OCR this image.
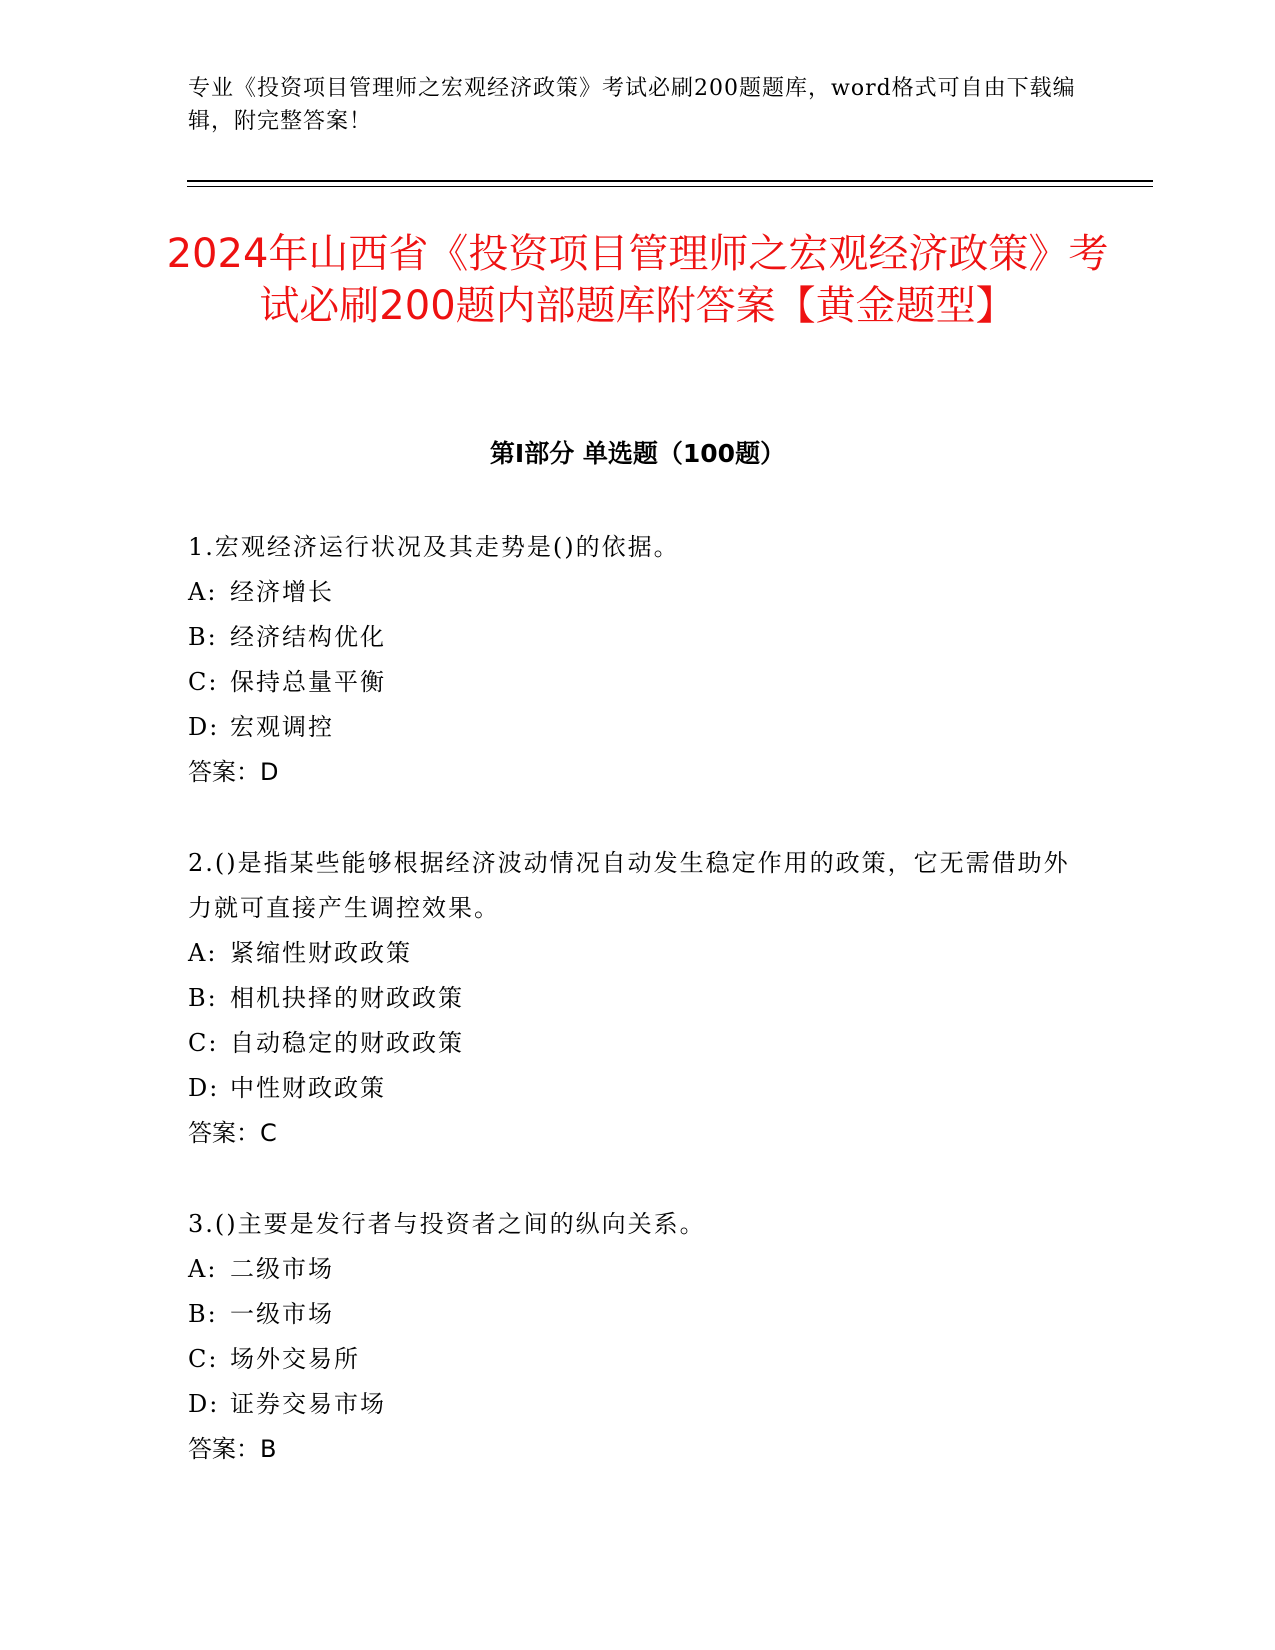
专业《投资项目管理师之宏观经济政策》考试必刷200题题库，word格式可自由下载编辑，附完整答案！

2024年山西省《投资项目管理师之宏观经济政策》考试必刷200题内部题库附答案【黄金题型】
第Ⅰ部分 单选题（100题）

1.宏观经济运行状况及其走势是()的依据。

A: 经济增长

B: 经济结构优化

C: 保持总量平衡

D: 宏观调控

答案：D

2.()是指某些能够根据经济波动情况自动发生稳定作用的政策，它无需借助外力就可直接产生调控效果。

A: 紧缩性财政政策

B: 相机抉择的财政政策

C: 自动稳定的财政政策

D: 中性财政政策

答案：C

3.()主要是发行者与投资者之间的纵向关系。

A: 二级市场

B: 一级市场

C: 场外交易所

D: 证券交易市场

答案：B
